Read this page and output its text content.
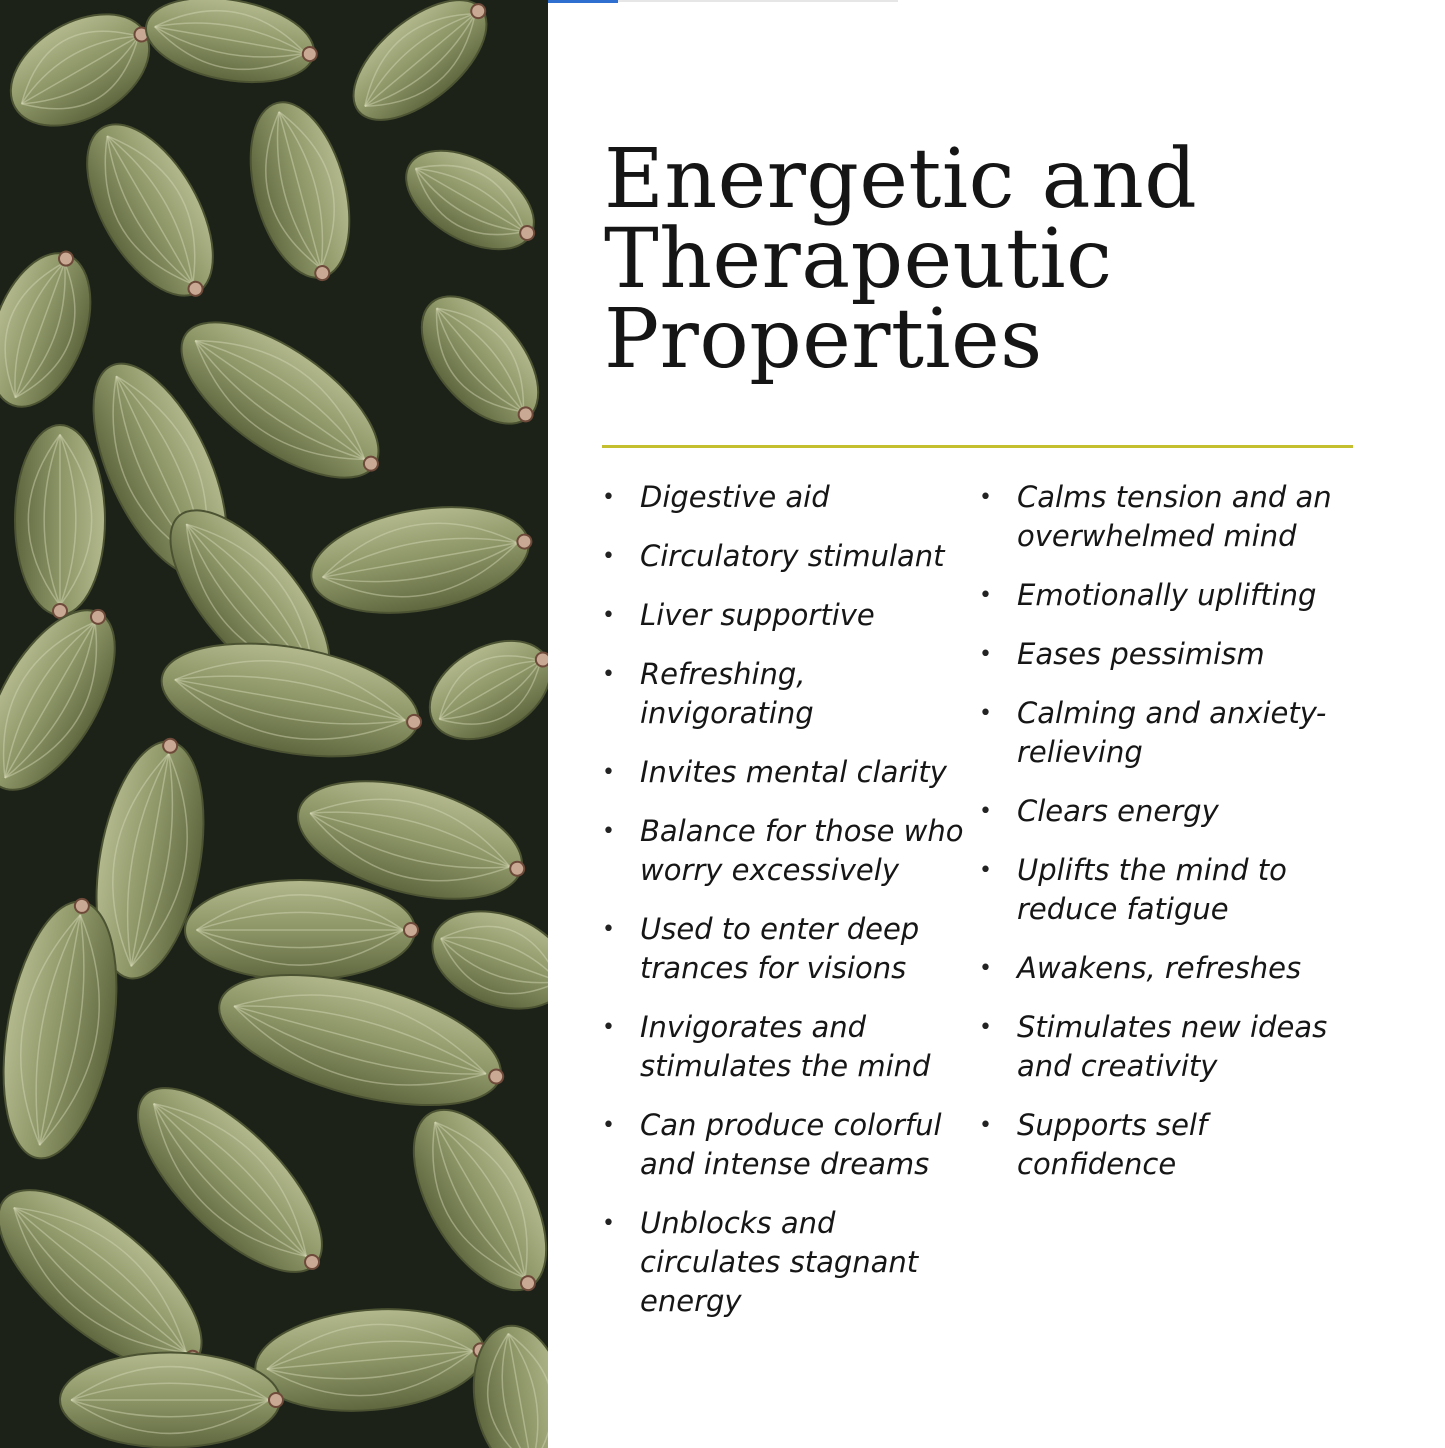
Energetic and
Therapeutic
Properties
• Digestive aid
• Circulatory stimulant
• Liver supportive
• Refreshing, invigorating
• Invites mental clarity
• Balance for those who worry excessively
• Used to enter deep trances for visions
• Invigorates and stimulates the mind
• Can produce colorful and intense dreams
• Unblocks and circulates stagnant energy
• Calms tension and an overwhelmed mind
• Emotionally uplifting
• Eases pessimism
• Calming and anxiety-relieving
• Clears energy
• Uplifts the mind to reduce fatigue
• Awakens, refreshes
• Stimulates new ideas and creativity
• Supports self confidence
